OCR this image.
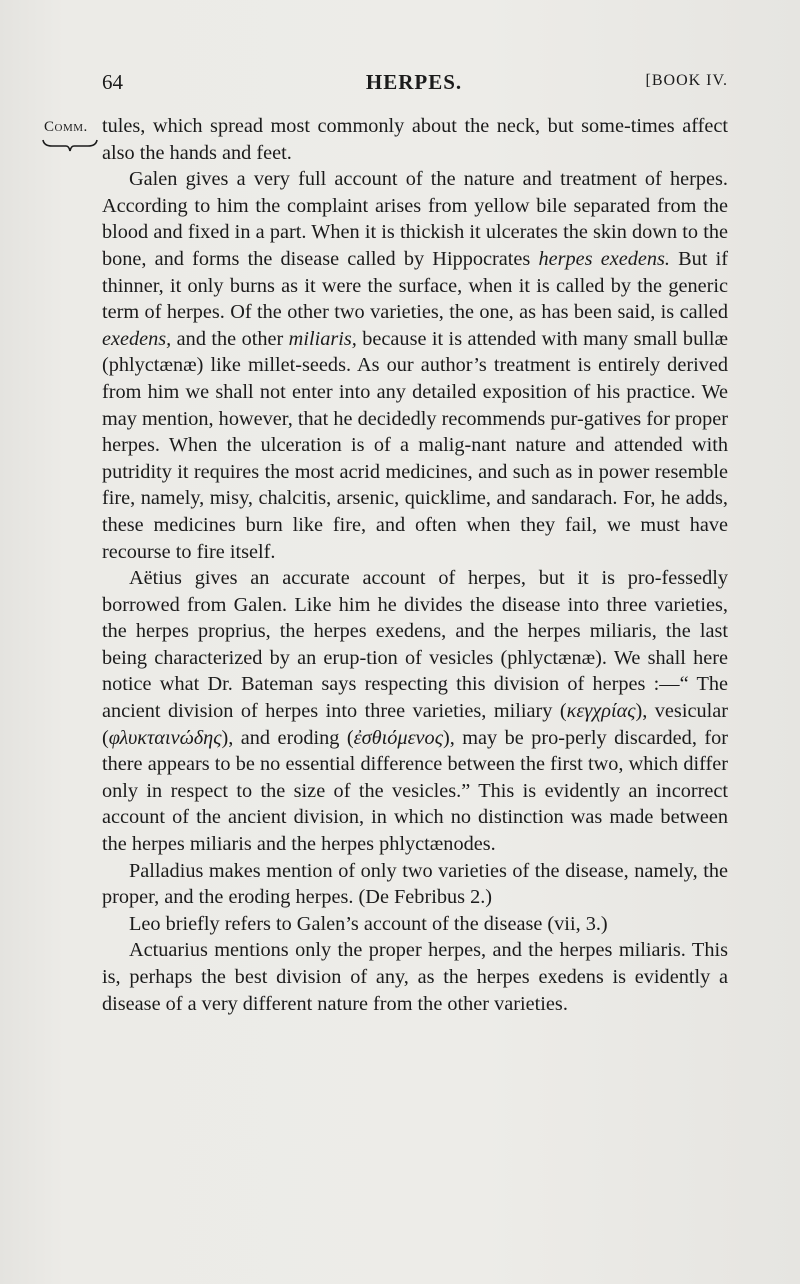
64	HERPES.	[BOOK IV.
Comm. tules, which spread most commonly about the neck, but some-times affect also the hands and feet.

Galen gives a very full account of the nature and treatment of herpes. According to him the complaint arises from yellow bile separated from the blood and fixed in a part. When it is thickish it ulcerates the skin down to the bone, and forms the disease called by Hippocrates herpes exedens. But if thinner, it only burns as it were the surface, when it is called by the generic term of herpes. Of the other two varieties, the one, as has been said, is called exedens, and the other miliaris, because it is attended with many small bullæ (phlyctænæ) like millet-seeds. As our author’s treatment is entirely derived from him we shall not enter into any detailed exposition of his practice. We may mention, however, that he decidedly recommends pur-gatives for proper herpes. When the ulceration is of a malig-nant nature and attended with putridity it requires the most acrid medicines, and such as in power resemble fire, namely, misy, chalcitis, arsenic, quicklime, and sandarach. For, he adds, these medicines burn like fire, and often when they fail, we must have recourse to fire itself.

Aëtius gives an accurate account of herpes, but it is pro-fessedly borrowed from Galen. Like him he divides the disease into three varieties, the herpes proprius, the herpes exedens, and the herpes miliaris, the last being characterized by an erup-tion of vesicles (phlyctænæ). We shall here notice what Dr. Bateman says respecting this division of herpes :—“ The ancient division of herpes into three varieties, miliary (κεγχρίας), vesicular (φλυκταινώδης), and eroding (ἐσθιόμενος), may be pro-perly discarded, for there appears to be no essential difference between the first two, which differ only in respect to the size of the vesicles.” This is evidently an incorrect account of the ancient division, in which no distinction was made between the herpes miliaris and the herpes phlyctænodes.

Palladius makes mention of only two varieties of the disease, namely, the proper, and the eroding herpes. (De Febribus 2.)

Leo briefly refers to Galen’s account of the disease (vii, 3.)

Actuarius mentions only the proper herpes, and the herpes miliaris. This is, perhaps the best division of any, as the herpes exedens is evidently a disease of a very different nature from the other varieties.
